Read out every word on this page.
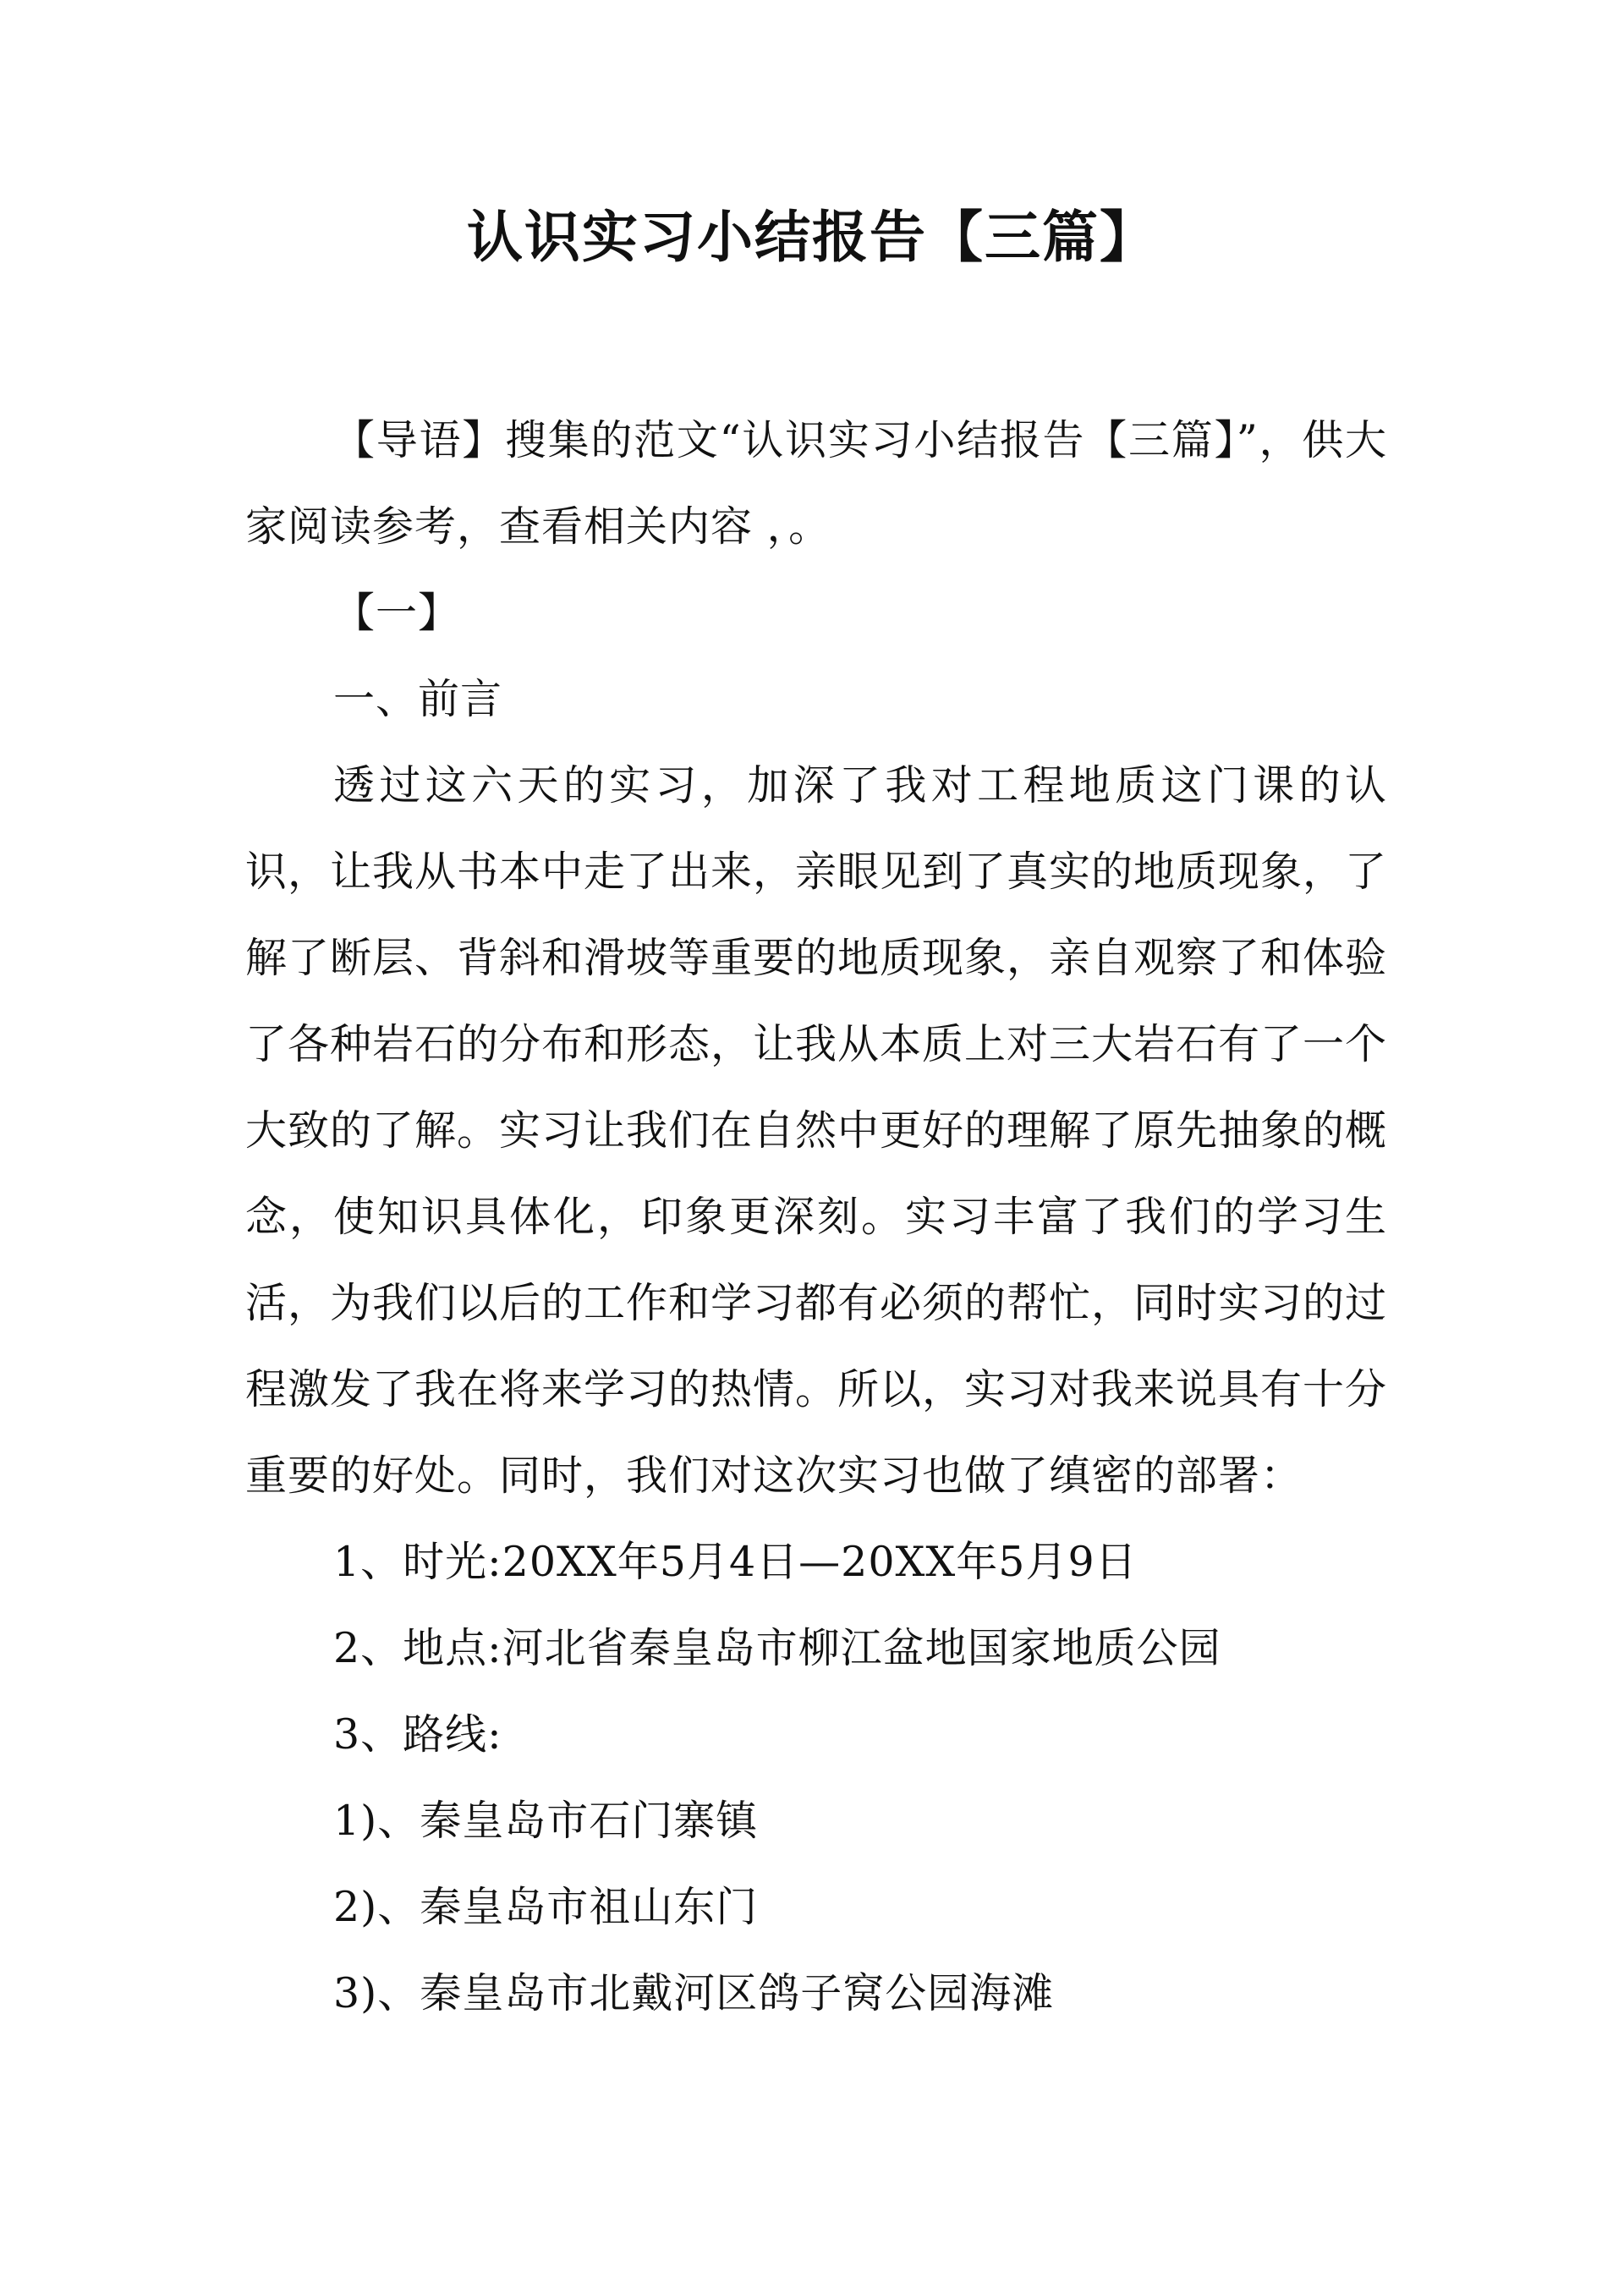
认识实习小结报告【三篇】

【导语】搜集的范文“认识实习小结报告【三篇】”，供大家阅读参考，查看相关内容 ，。

【一】

一、前言

透过这六天的实习，加深了我对工程地质这门课的认识，让我从书本中走了出来，亲眼见到了真实的地质现象，了解了断层、背斜和滑坡等重要的地质现象，亲自观察了和体验了各种岩石的分布和形态，让我从本质上对三大岩石有了一个大致的了解。实习让我们在自然中更好的理解了原先抽象的概念，使知识具体化，印象更深刻。实习丰富了我们的学习生活，为我们以后的工作和学习都有必须的帮忙，同时实习的过程激发了我在将来学习的热情。所以，实习对我来说具有十分重要的好处。同时，我们对这次实习也做了缜密的部署：

1、时光:20XX年5月4日—20XX年5月9日

2、地点:河北省秦皇岛市柳江盆地国家地质公园

3、路线:

1)、秦皇岛市石门寨镇

2)、秦皇岛市祖山东门

3)、秦皇岛市北戴河区鸽子窝公园海滩
